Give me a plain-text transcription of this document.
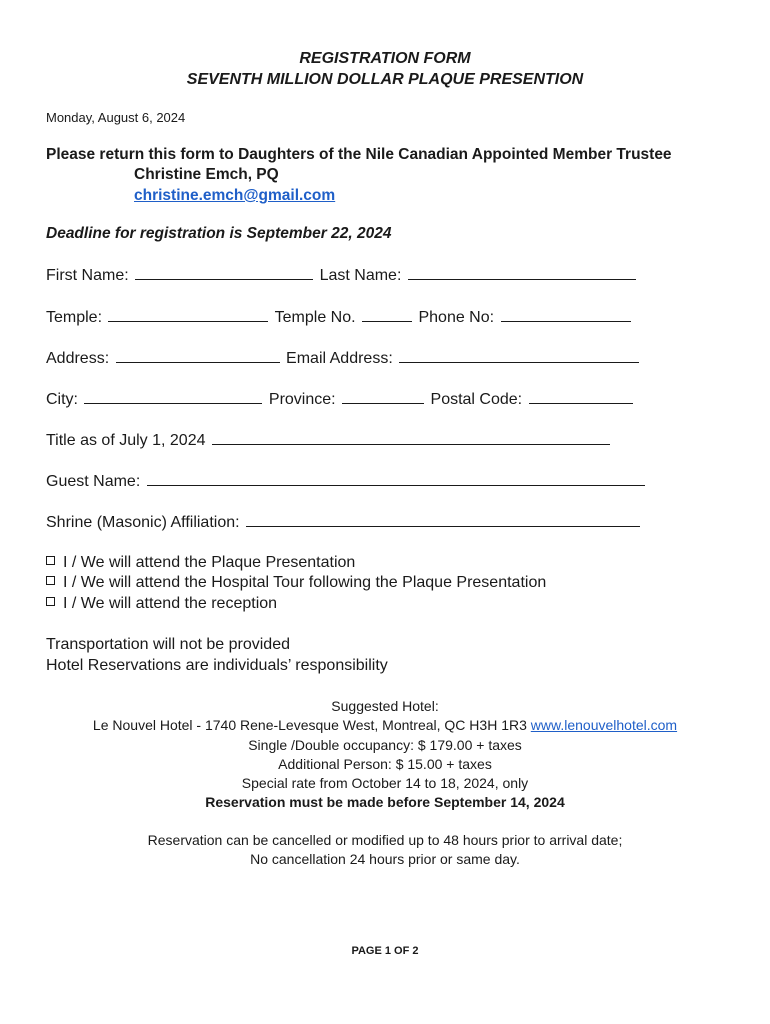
REGISTRATION FORM
SEVENTH MILLION DOLLAR PLAQUE PRESENTION
Monday, August 6, 2024
Please return this form to Daughters of the Nile Canadian Appointed Member Trustee
Christine Emch, PQ
christine.emch@gmail.com
Deadline for registration is September 22, 2024
First Name:	Last Name:
Temple:	Temple No.	Phone No:
Address:	Email Address:
City:	Province:	Postal Code:
Title as of July 1, 2024
Guest Name:
Shrine (Masonic) Affiliation:
I / We will attend the Plaque Presentation
I / We will attend the Hospital Tour following the Plaque Presentation
I / We will attend the reception
Transportation will not be provided
Hotel Reservations are individuals’ responsibility
Suggested Hotel:
Le Nouvel Hotel - 1740 Rene-Levesque West, Montreal, QC H3H 1R3 www.lenouvelhotel.com
Single /Double occupancy: $ 179.00 + taxes
Additional Person: $ 15.00 + taxes
Special rate from October 14 to 18, 2024, only
Reservation must be made before September 14, 2024
Reservation can be cancelled or modified up to 48 hours prior to arrival date;
No cancellation 24 hours prior or same day.
PAGE 1 OF 2
